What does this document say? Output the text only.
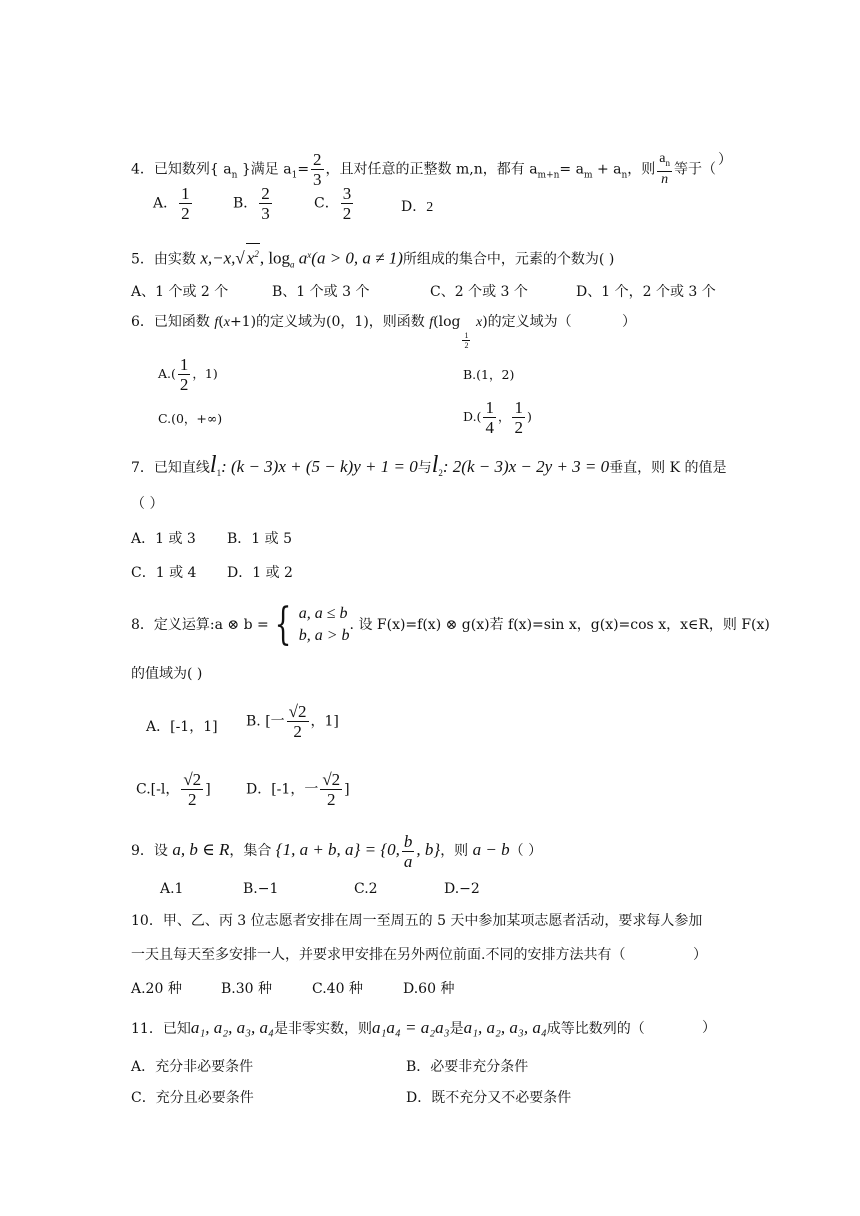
4．已知数列{ $a_n$ }满足 $a_1= \frac{2}{3}$ ，且对任意的正整数 m,n，都有 $a_{m+n}= a_m + a_n$，则 $\frac{a_n}{n}$ 等于（
）
A． $\frac{1}{2}$	B． $\frac{2}{3}$	C． $\frac{3}{2}$	D．2
5．由实数 x,−x,√ $x^2$, $\log_a a^x(a > 0$, a ≠ 1)所组成的集合中，元素的个数为( )
A、1 个或 2 个	B、1 个或 3 个	C、2 个或 3 个	D、1 个，2 个或 3 个
6．已知函数 f(x+1)的定义域为(0，1)，则函数 f(log
$\frac{1}{2}$
x)的定义域为（	）
$A.( \frac{1}{2}$ ，1)	B.(1，2)
C.(0，+∞)	$D.( \frac{1}{4}$ ， $\frac{1}{2}$ )
7．已知直线$l_1$: (k − 3)x + (5 − k)y + 1 = 0与$l_2$: 2(k − 3)x − 2y + 3 = 0垂直，则 K 的值是
（ ）
A．1 或 3 B．1 或 5
C．1 或 4 D．1 或 2
8．定义运算:a ⊗ b = { a, a ≤ b
b, a > b
. 设 F(x)=f(x) ⊗ g(x)若 f(x)=sin x，g(x)=cos x，x∈R，则 F(x)
的值域为( )
A．[-1，1] B. [一 $\frac{√2}{2}$ ，1]
C.[-l， $\frac{√2}{2}$ ]	D．[-1，一 $\frac{√2}{2}$ ]
9．设 a, b ∈ R，集合 {1, a + b, a} = {0, $\frac{b}{a}$ , b}，则 a − b（ ）
A.1	B.−1	C.2	D.−2
10．甲、乙、丙 3 位志愿者安排在周一至周五的 5 天中参加某项志愿者活动，要求每人参加
一天且每天至多安排一人，并要求甲安排在另外两位前面.不同的安排方法共有（	）
A.20 种	B.30 种	C.40 种	D.60 种
11．已知a₁, a₂, a₃, a₄是非零实数，则a₁a₄ = a₂a₃是a₁, a₂, a₃, a₄成等比数列的（	）
A．充分非必要条件	B．必要非充分条件
C．充分且必要条件	D．既不充分又不必要条件
